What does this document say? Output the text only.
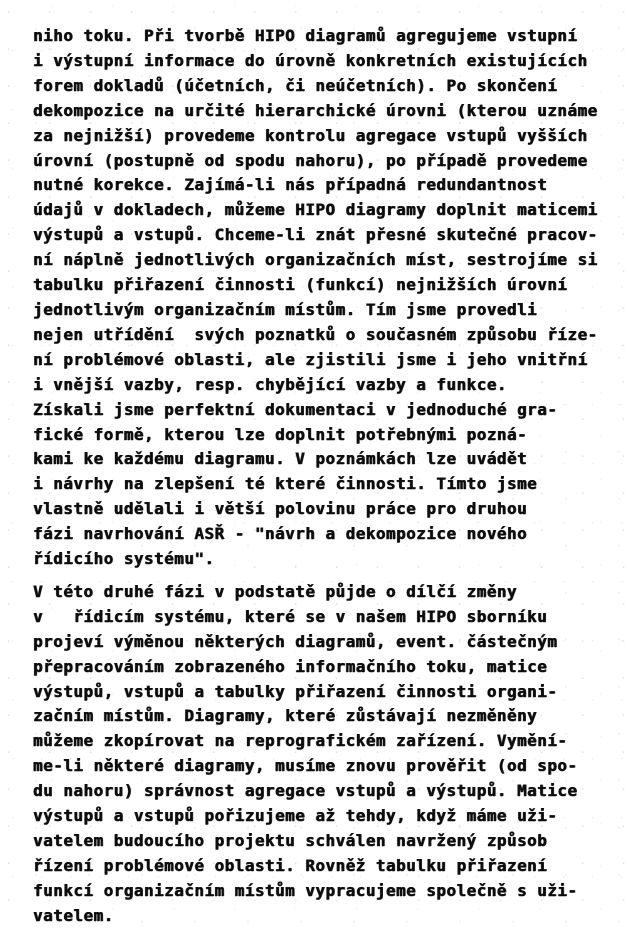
niho toku. Při tvorbě HIPO diagramů agregujeme vstupní
i výstupní informace do úrovně konkretních existujících
forem dokladů (účetních, či neúčetních). Po skončení
dekompozice na určité hierarchické úrovni (kterou uznáme
za nejnižší) provedeme kontrolu agregace vstupů vyšších
úrovní (postupně od spodu nahoru), po případě provedeme
nutné korekce. Zajímá-li nás případná redundantnost
údajů v dokladech, můžeme HIPO diagramy doplnit maticemi
výstupů a vstupů. Chceme-li znát přesné skutečné pracov-
ní náplně jednotlivých organizačních míst, sestrojíme si
tabulku přiřazení činnosti (funkcí) nejnižších úrovní
jednotlivým organizačním místům. Tím jsme provedli
nejen utřídění  svých poznatků o současném způsobu říze-
ní problémové oblasti, ale zjistili jsme i jeho vnitřní
i vnější vazby, resp. chybějící vazby a funkce.
Získali jsme perfektní dokumentaci v jednoduché gra-
fické formě, kterou lze doplnit potřebnými pozná-
kami ke každému diagramu. V poznámkách lze uvádět
i návrhy na zlepšení té které činnosti. Tímto jsme
vlastně udělali i větší polovinu práce pro druhou
fázi navrhování ASŘ - "návrh a dekompozice nového
řídicího systému".
V této druhé fázi v podstatě půjde o dílčí změny
v   řídicím systému, které se v našem HIPO sborníku
projeví výměnou některých diagramů, event. částečným
přepracováním zobrazeného informačního toku, matice
výstupů, vstupů a tabulky přiřazení činnosti organi-
začním místům. Diagramy, které zůstávají nezměněny
můžeme zkopírovat na reprografickém zařízení. Vymění-
me-li některé diagramy, musíme znovu prověřit (od spo-
du nahoru) správnost agregace vstupů a výstupů. Matice
výstupů a vstupů pořizujeme až tehdy, když máme uži-
vatelem budoucího projektu schválen navržený způsob
řízení problémové oblasti. Rovněž tabulku přiřazení
funkcí organizačním místům vypracujeme společně s uži-
vatelem.
